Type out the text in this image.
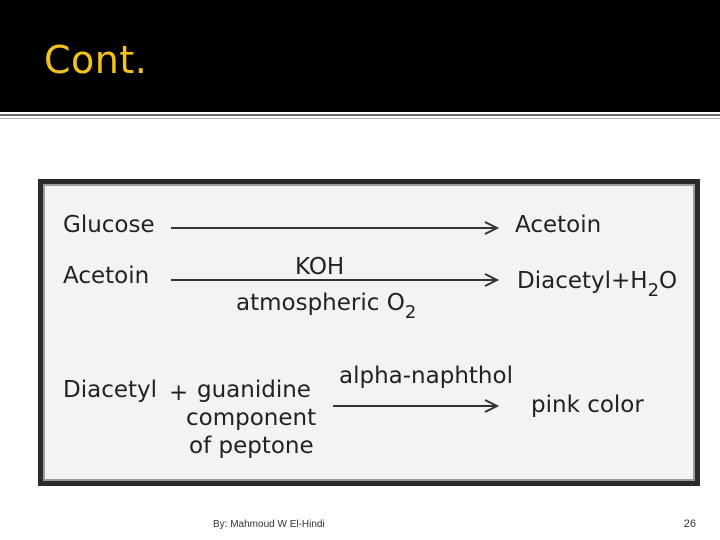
Cont.
Glucose	Acetoin
Acetoin	KOH
atmospheric $O_2$
$Diacetyl+H_2O$
Diacetyl + guanidine
component
of peptone
alpha-naphthol
pink color
By: Mahmoud W El-Hindi	26
